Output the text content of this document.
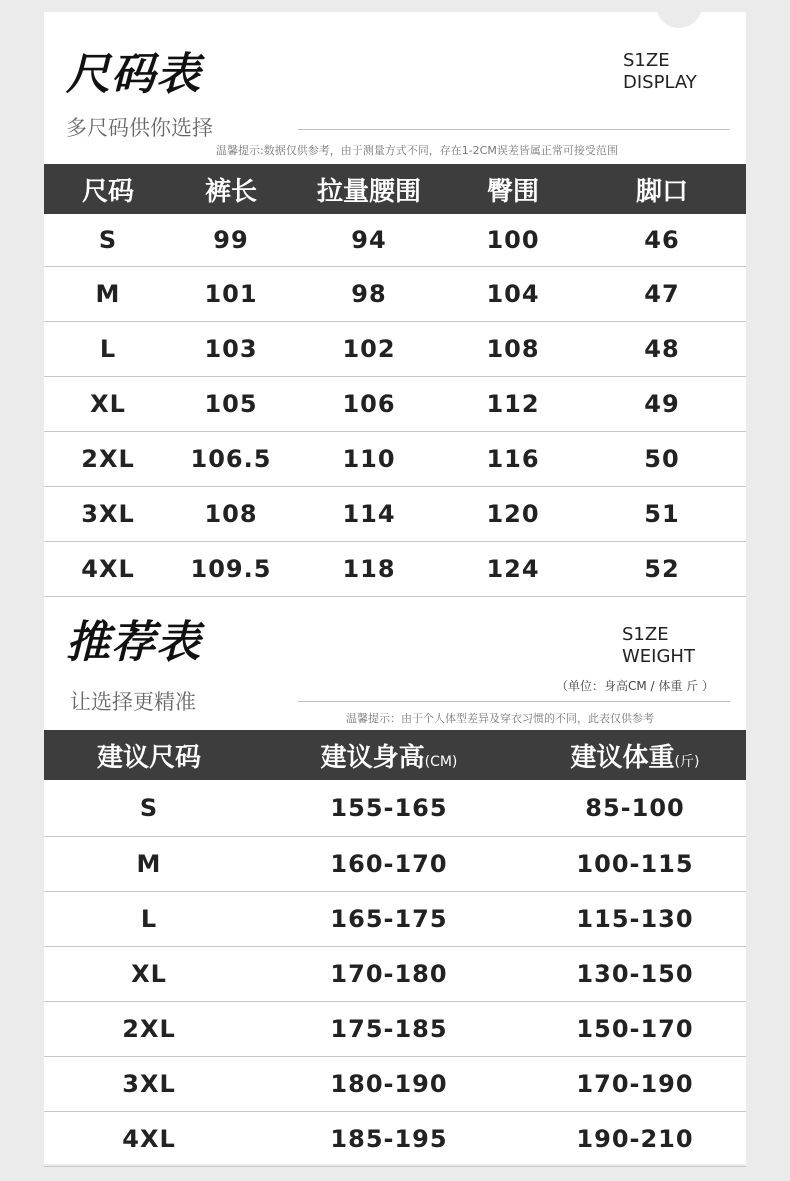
尺码表
多尺码供你选择
S1ZE
DISPLAY
温馨提示:数据仅供参考，由于测量方式不同，存在1-2CM误差皆属正常可接受范围
尺码	裤长	拉量腰围	臀围	脚口
S	99	94	100	46
M	101	98	104	47
L	103	102	108	48
XL	105	106	112	49
2XL	106.5	110	116	50
3XL	108	114	120	51
4XL	109.5	118	124	52
推荐表
让选择更精准
S1ZE
WEIGHT
（单位：身高CM / 体重 斤 ）
温馨提示：由于个人体型差异及穿衣习惯的不同，此表仅供参考
建议尺码	建议身高(CM)	建议体重(斤)
S	155-165	85-100
M	160-170	100-115
L	165-175	115-130
XL	170-180	130-150
2XL	175-185	150-170
3XL	180-190	170-190
4XL	185-195	190-210
